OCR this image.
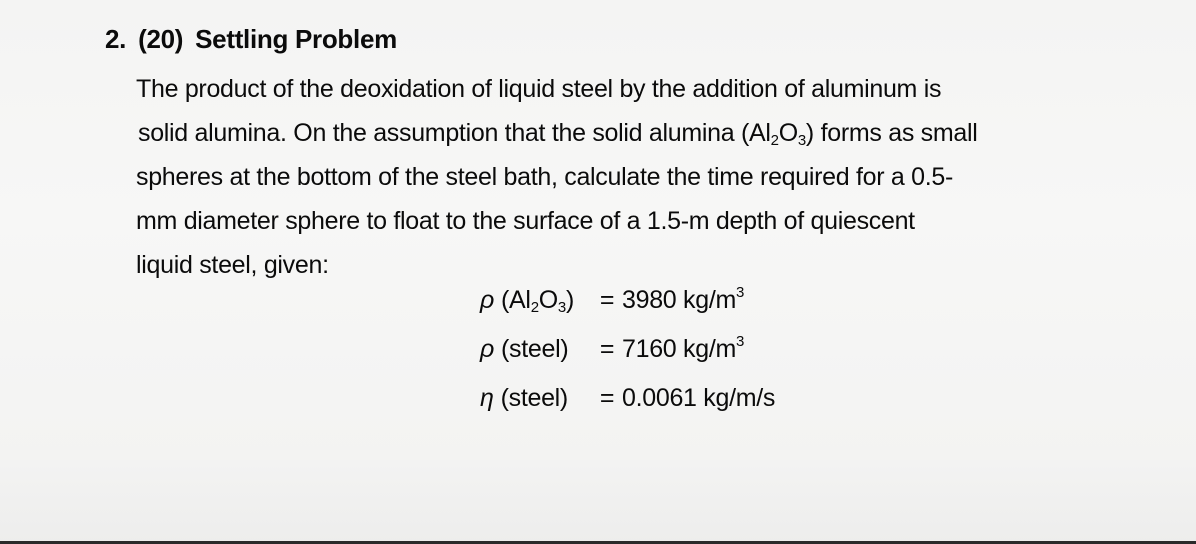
2. (20) Settling Problem
The product of the deoxidation of liquid steel by the addition of aluminum is
solid alumina. On the assumption that the solid alumina $(Al_2O_3)$ forms as small
spheres at the bottom of the steel bath, calculate the time required for a 0.5-
mm diameter sphere to float to the surface of a 1.5-m depth of quiescent
liquid steel, given:
ρ $(Al_2O_3)$	= 3980 $kg/m^3$
ρ (steel)	= 7160 $kg/m^3$
η (steel)	= 0.0061 kg/m/s
